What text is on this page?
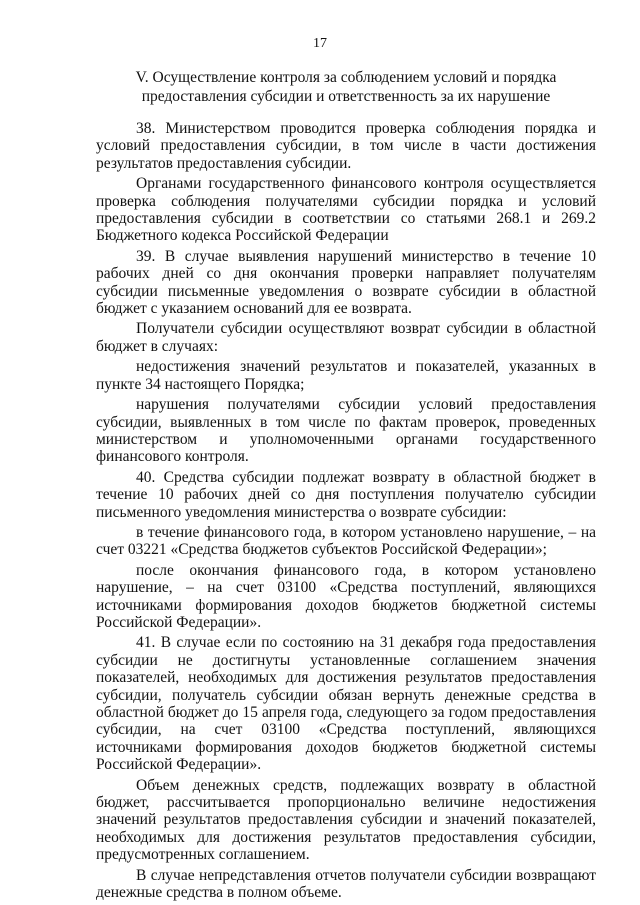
17
V. Осуществление контроля за соблюдением условий и порядка
предоставления субсидии и ответственность за их нарушение

38. Министерством проводится проверка соблюдения порядка и условий предоставления субсидии, в том числе в части достижения результатов предоставления субсидии.

Органами государственного финансового контроля осуществляется проверка соблюдения получателями субсидии порядка и условий предоставления субсидии в соответствии со статьями 268.1 и 269.2 Бюджетного кодекса Российской Федерации

39. В случае выявления нарушений министерство в течение 10 рабочих дней со дня окончания проверки направляет получателям субсидии письменные уведомления о возврате субсидии в областной бюджет с указанием оснований для ее возврата.

Получатели субсидии осуществляют возврат субсидии в областной бюджет в случаях:

недостижения значений результатов и показателей, указанных в пункте 34 настоящего Порядка;

нарушения получателями субсидии условий предоставления субсидии, выявленных в том числе по фактам проверок, проведенных министерством и уполномоченными органами государственного финансового контроля.

40. Средства субсидии подлежат возврату в областной бюджет в течение 10 рабочих дней со дня поступления получателю субсидии письменного уведомления министерства о возврате субсидии:

в течение финансового года, в котором установлено нарушение, – на счет 03221 «Средства бюджетов субъектов Российской Федерации»;

после окончания финансового года, в котором установлено нарушение, – на счет 03100 «Средства поступлений, являющихся источниками формирования доходов бюджетов бюджетной системы Российской Федерации».

41. В случае если по состоянию на 31 декабря года предоставления субсидии не достигнуты установленные соглашением значения показателей, необходимых для достижения результатов предоставления субсидии, получатель субсидии обязан вернуть денежные средства в областной бюджет до 15 апреля года, следующего за годом предоставления субсидии, на счет 03100 «Средства поступлений, являющихся источниками формирования доходов бюджетов бюджетной системы Российской Федерации».

Объем денежных средств, подлежащих возврату в областной бюджет, рассчитывается пропорционально величине недостижения значений результатов предоставления субсидии и значений показателей, необходимых для достижения результатов предоставления субсидии, предусмотренных соглашением.

В случае непредставления отчетов получатели субсидии возвращают денежные средства в полном объеме.
